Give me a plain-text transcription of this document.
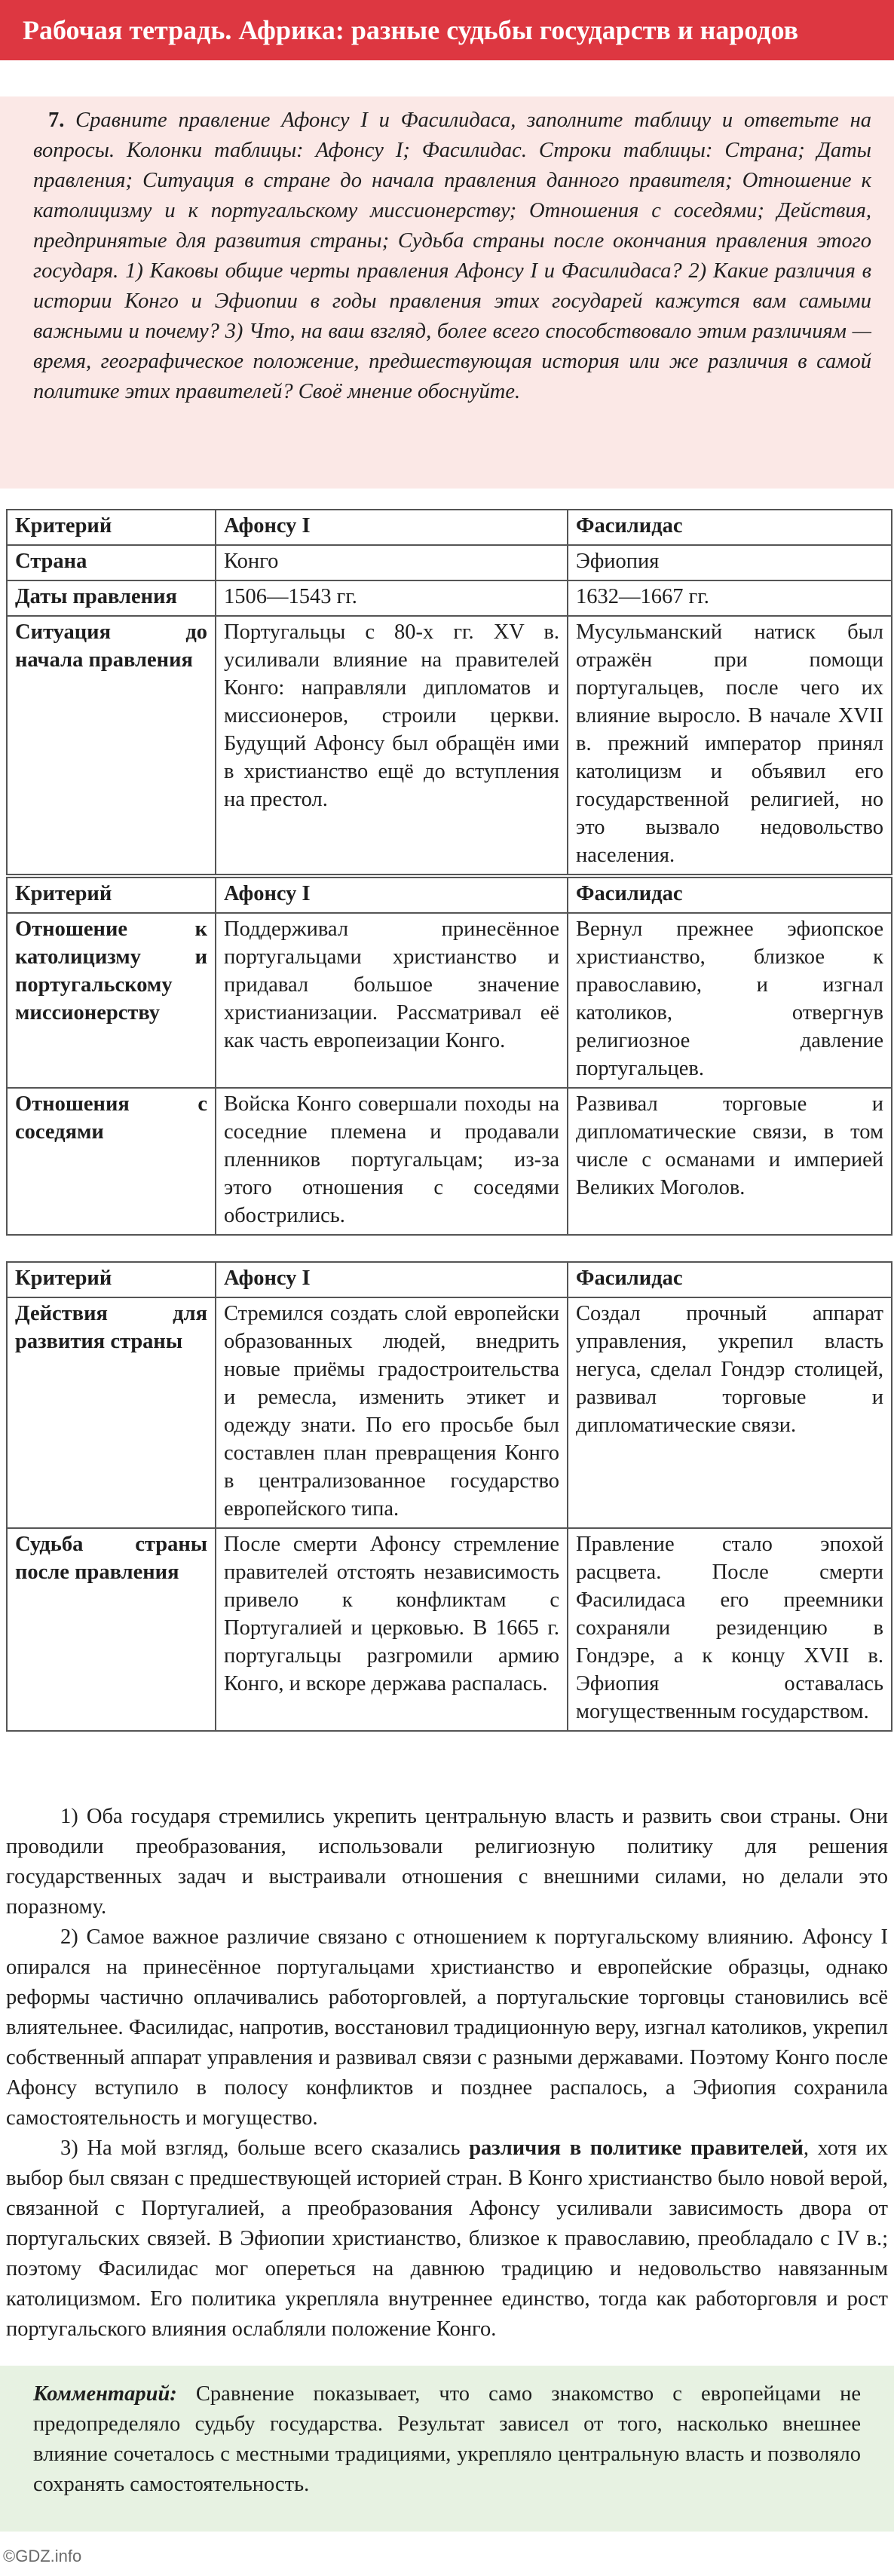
Рабочая тетрадь. Африка: разные судьбы государств и народов
7. Сравните правление Афонсу I и Фасилидаса, заполните таблицу и ответьте на вопросы. Колонки таблицы: Афонсу I; Фасилидас. Строки таблицы: Страна; Даты правления; Ситуация в стране до начала правления данного правителя; Отношение к католицизму и к португальскому миссионерству; Отношения с соседями; Действия, предпринятые для развития страны; Судьба страны после окончания правления этого государя. 1) Каковы общие черты правления Афонсу I и Фасилидаса? 2) Какие различия в истории Конго и Эфиопии в годы правления этих государей кажутся вам самыми важными и почему? 3) Что, на ваш взгляд, более всего способствовало этим различиям — время, географическое положение, предшествующая история или же различия в самой политике этих правителей? Своё мнение обоснуйте.
Критерий	Афонсу I	Фасилидас
Страна	Конго	Эфиопия
Даты правления	1506—1543 гг.	1632—1667 гг.
Ситуация до начала правления	Португальцы с 80-х гг. XV в. усиливали влияние на правителей Конго: направляли дипломатов и миссионеров, строили церкви. Будущий Афонсу был обращён ими в христианство ещё до вступления на престол.	Мусульманский натиск был отражён при помощи португальцев, после чего их влияние выросло. В начале XVII в. прежний император принял католицизм и объявил его государственной религией, но это вызвало недовольство населения.
Критерий	Афонсу I	Фасилидас
Отношение к католицизму и португальскому миссионерству	Поддерживал принесённое португальцами христианство и придавал большое значение христианизации. Рассматривал её как часть европеизации Конго.	Вернул прежнее эфиопское христианство, близкое к православию, и изгнал католиков, отвергнув религиозное давление португальцев.
Отношения с соседями	Войска Конго совершали походы на соседние племена и продавали пленников португальцам; из-за этого отношения с соседями обострились.	Развивал торговые и дипломатические связи, в том числе с османами и империей Великих Моголов.
Критерий	Афонсу I	Фасилидас
Действия для развития страны	Стремился создать слой европейски образованных людей, внедрить новые приёмы градостроительства и ремесла, изменить этикет и одежду знати. По его просьбе был составлен план превращения Конго в централизованное государство европейского типа.	Создал прочный аппарат управления, укрепил власть негуса, сделал Гондэр столицей, развивал торговые и дипломатические связи.
Судьба страны после правления	После смерти Афонсу стремление правителей отстоять независимость привело к конфликтам с Португалией и церковью. В 1665 г. португальцы разгромили армию Конго, и вскоре держава распалась.	Правление стало эпохой расцвета. После смерти Фасилидаса его преемники сохраняли резиденцию в Гондэре, а к концу XVII в. Эфиопия оставалась могущественным государством.

1) Оба государя стремились укрепить центральную власть и развить свои страны. Они проводили преобразования, использовали религиозную политику для решения государственных задач и выстраивали отношения с внешними силами, но делали это поразному.

2) Самое важное различие связано с отношением к португальскому влиянию. Афонсу I опирался на принесённое португальцами христианство и европейские образцы, однако реформы частично оплачивались работорговлей, а португальские торговцы становились всё влиятельнее. Фасилидас, напротив, восстановил традиционную веру, изгнал католиков, укрепил собственный аппарат управления и развивал связи с разными державами. Поэтому Конго после Афонсу вступило в полосу конфликтов и позднее распалось, а Эфиопия сохранила самостоятельность и могущество.

3) На мой взгляд, больше всего сказались различия в политике правителей, хотя их выбор был связан с предшествующей историей стран. В Конго христианство было новой верой, связанной с Португалией, а преобразования Афонсу усиливали зависимость двора от португальских связей. В Эфиопии христианство, близкое к православию, преобладало с IV в.; поэтому Фасилидас мог опереться на давнюю традицию и недовольство навязанным католицизмом. Его политика укрепляла внутреннее единство, тогда как работорговля и рост португальского влияния ослабляли положение Конго.

Комментарий: Сравнение показывает, что само знакомство с европейцами не предопределяло судьбу государства. Результат зависел от того, насколько внешнее влияние сочеталось с местными традициями, укрепляло центральную власть и позволяло сохранять самостоятельность.
©GDZ.info
